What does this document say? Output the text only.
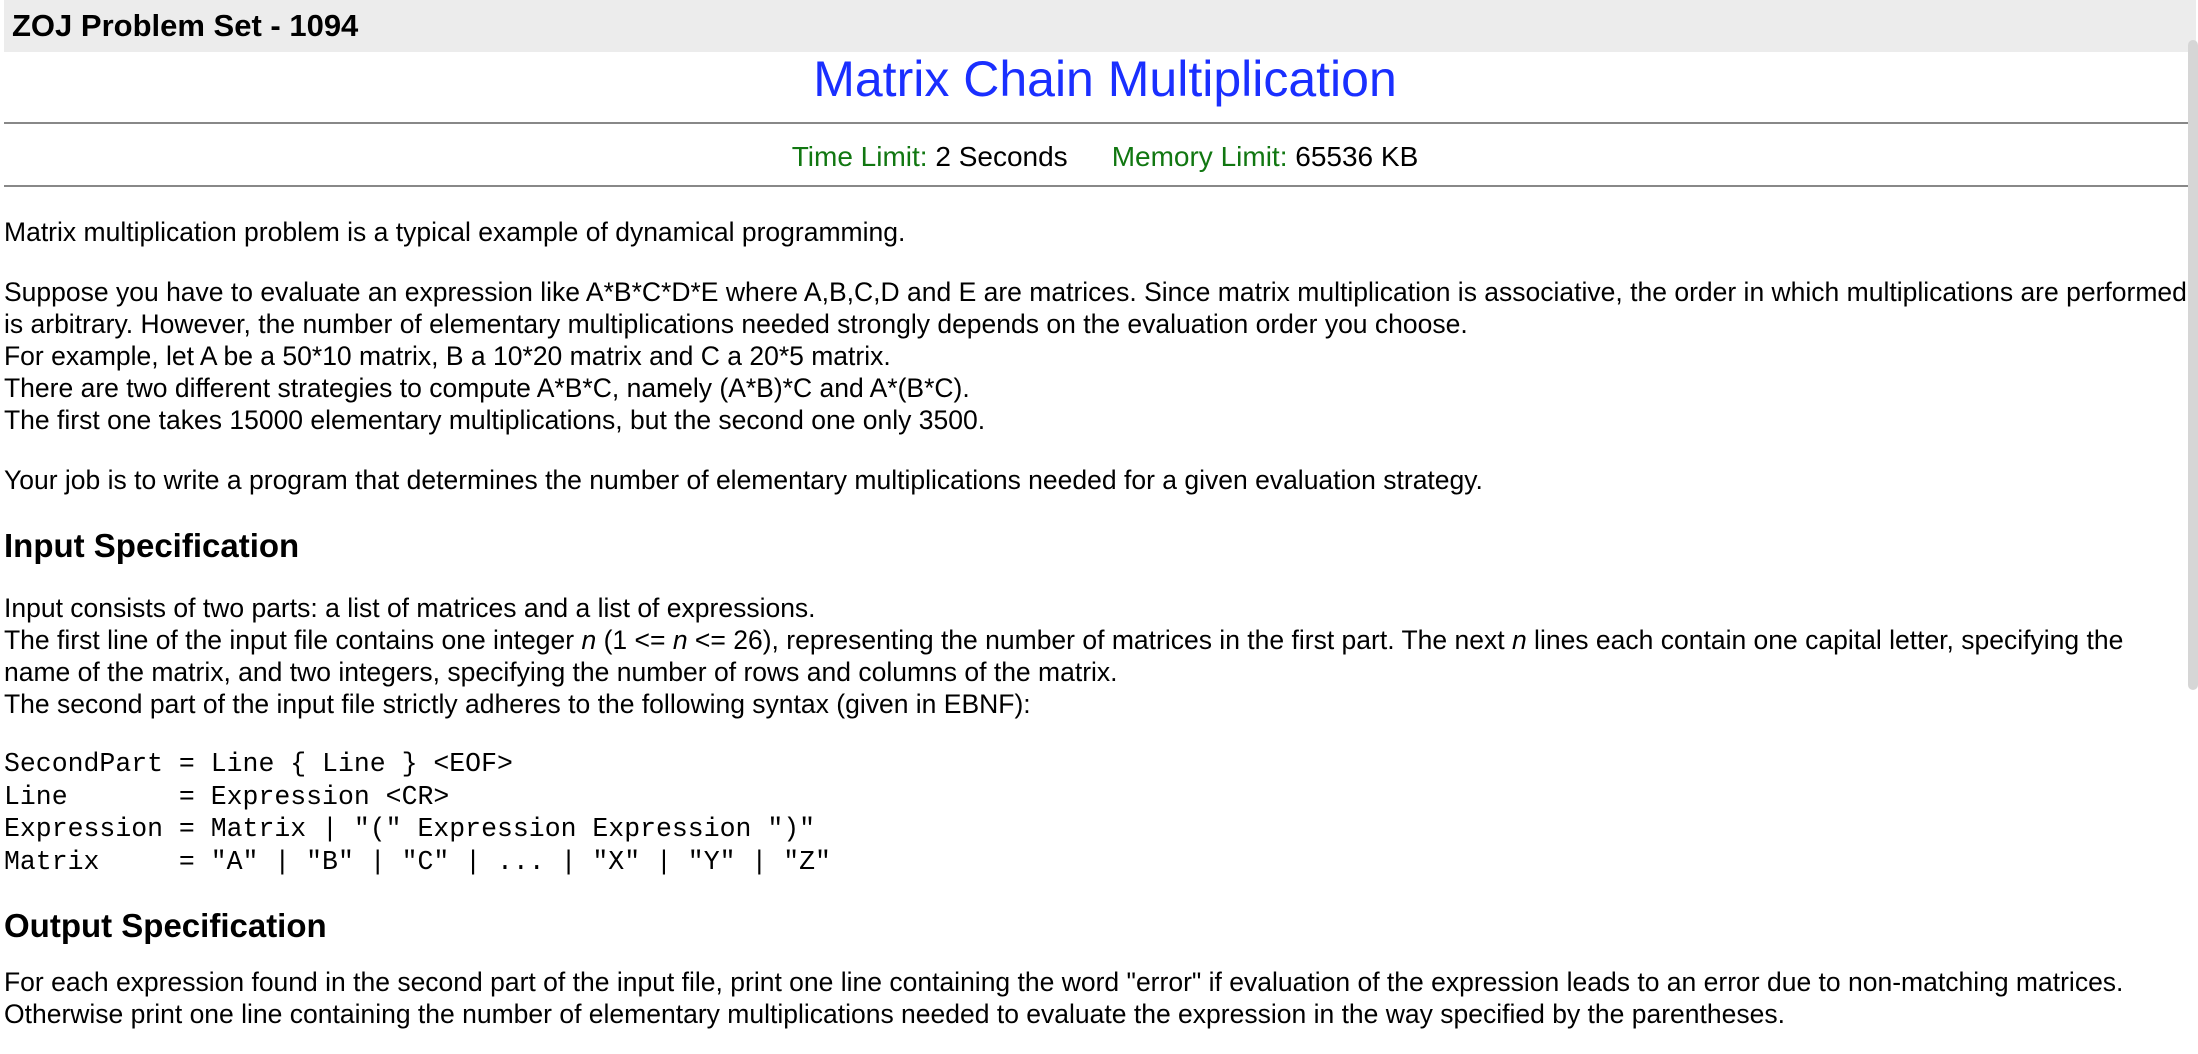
ZOJ Problem Set - 1094
Matrix Chain Multiplication
Time Limit: 2 Seconds Memory Limit: 65536 KB

Matrix multiplication problem is a typical example of dynamical programming.

Suppose you have to evaluate an expression like A*B*C*D*E where A,B,C,D and E are matrices. Since matrix multiplication is associative, the order in which multiplications are performed is arbitrary. However, the number of elementary multiplications needed strongly depends on the evaluation order you choose.

For example, let A be a 50*10 matrix, B a 10*20 matrix and C a 20*5 matrix.

There are two different strategies to compute A*B*C, namely (A*B)*C and A*(B*C).

The first one takes 15000 elementary multiplications, but the second one only 3500.

Your job is to write a program that determines the number of elementary multiplications needed for a given evaluation strategy.

Input Specification

Input consists of two parts: a list of matrices and a list of expressions.

The first line of the input file contains one integer n (1 <= n <= 26), representing the number of matrices in the first part. The next n lines each contain one capital letter, specifying the name of the matrix, and two integers, specifying the number of rows and columns of the matrix.

The second part of the input file strictly adheres to the following syntax (given in EBNF):

SecondPart = Line { Line } <EOF>
Line       = Expression <CR>
Expression = Matrix | "(" Expression Expression ")"
Matrix     = "A" | "B" | "C" | ... | "X" | "Y" | "Z"
Output Specification

For each expression found in the second part of the input file, print one line containing the word "error" if evaluation of the expression leads to an error due to non-matching matrices. Otherwise print one line containing the number of elementary multiplications needed to evaluate the expression in the way specified by the parentheses.
